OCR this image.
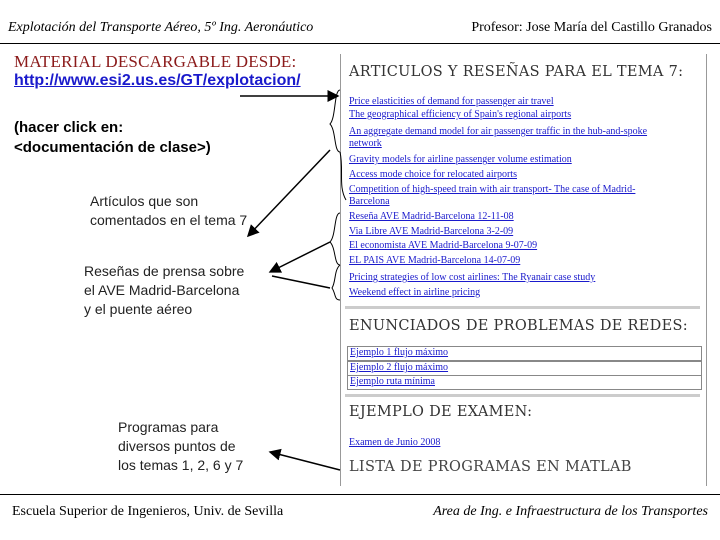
Explotación del Transporte Aéreo, 5º Ing. Aeronáutico	Profesor: Jose María del Castillo Granados
MATERIAL DESCARGABLE DESDE:
http://www.esi2.us.es/GT/explotacion/
(hacer click en:
<documentación de clase>)
Artículos que son
comentados en el tema 7
Reseñas de prensa sobre
el AVE Madrid-Barcelona
y el puente aéreo
Programas para
diversos puntos de
los temas 1, 2, 6 y 7
ARTICULOS Y RESEÑAS PARA EL TEMA 7:
Price elasticities of demand for passenger air travel
The geographical efficiency of Spain's regional airports
An aggregate demand model for air passenger traffic in the hub-and-spoke
network
Gravity models for airline passenger volume estimation
Access mode choice for relocated airports
Competition of high-speed train with air transport- The case of Madrid-
Barcelona
Reseña AVE Madrid-Barcelona 12-11-08
Via Libre AVE Madrid-Barcelona 3-2-09
El economista AVE Madrid-Barcelona 9-07-09
EL PAIS AVE Madrid-Barcelona 14-07-09
Pricing strategies of low cost airlines: The Ryanair case study
Weekend effect in airline pricing
ENUNCIADOS DE PROBLEMAS DE REDES:
Ejemplo 1 flujo máximo
Ejemplo 2 flujo máximo
Ejemplo ruta mínima
EJEMPLO DE EXAMEN:
Examen de Junio 2008
LISTA DE PROGRAMAS EN MATLAB
Escuela Superior de Ingenieros, Univ. de Sevilla	Area de Ing. e Infraestructura de los Transportes
